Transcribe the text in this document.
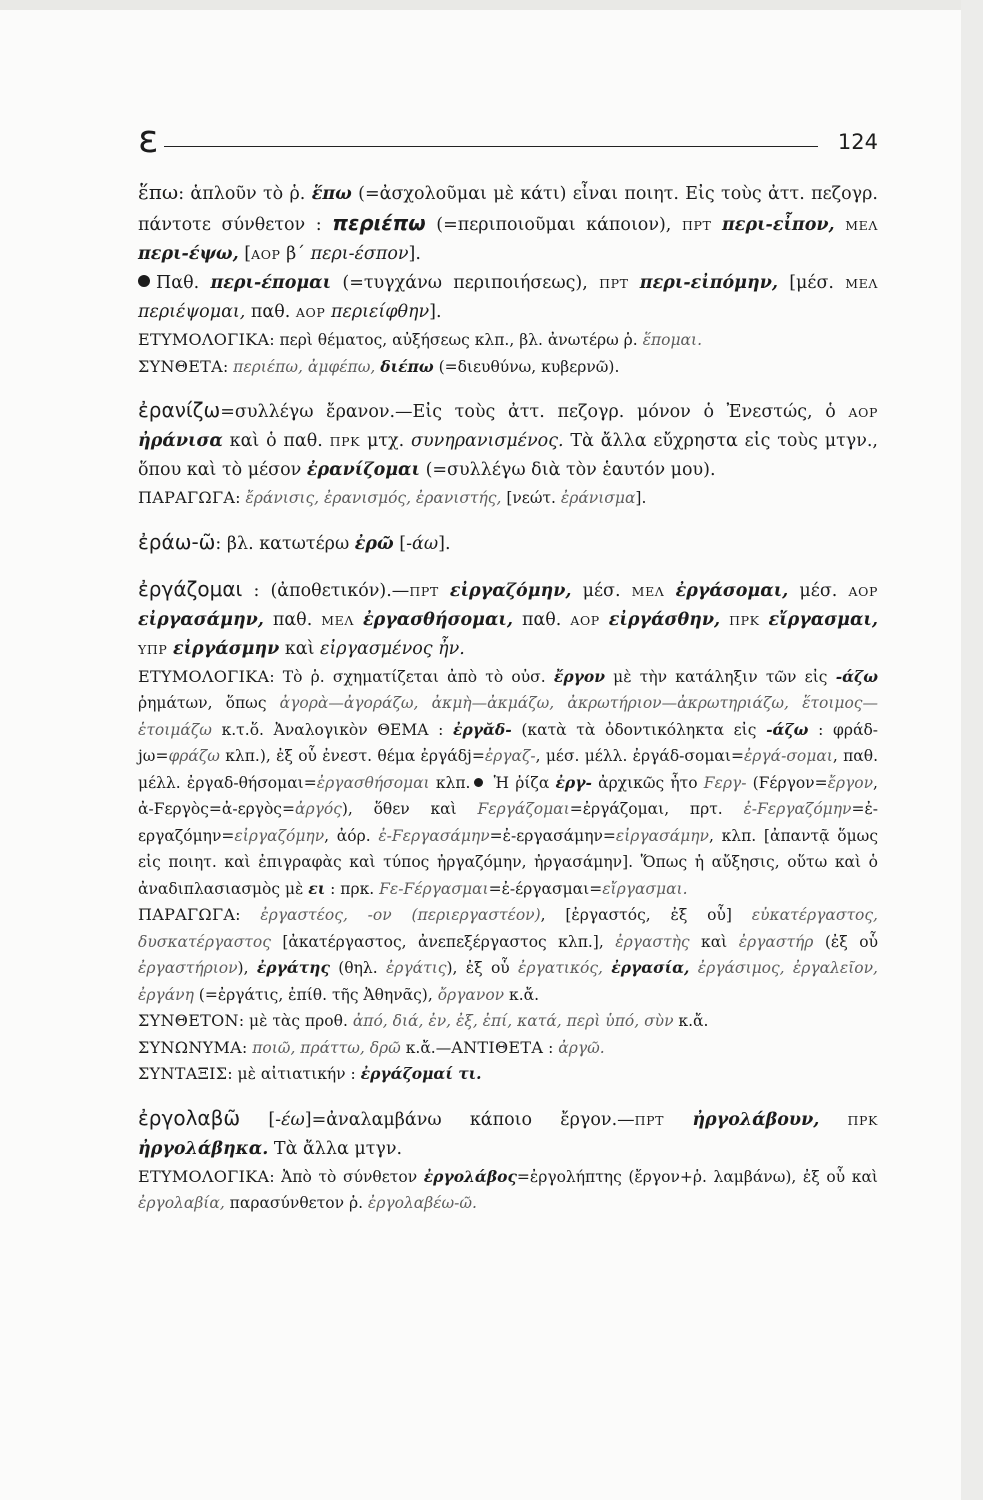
ε	124

ἕπω: ἁπλοῦν τὸ ῥ. ἕπω (=ἀσχολοῦμαι μὲ κάτι) εἶναι ποιητ. Εἰς τοὺς ἀττ. πεζογρ. πάντοτε σύνθετον : περιέπω (=περιποιοῦμαι κάποιον), ΠΡΤ περι-εἶπον, ΜΕΛ περι-έψω, [ΑΟΡ β΄ περι-έσπον].

Παθ. περι-έπομαι (=τυγχάνω περιποιήσεως), ΠΡΤ περι-εἰπόμην, [μέσ. ΜΕΛ περιέψομαι, παθ. ΑΟΡ περιείφθην].

ΕΤΥΜΟΛΟΓΙΚΑ: περὶ θέματος, αὐξήσεως κλπ., βλ. ἀνωτέρω ῥ. ἕπομαι.

ΣΥΝΘΕΤΑ: περιέπω, ἀμφέπω, διέπω (=διευθύνω, κυβερνῶ).

ἐρανίζω=συλλέγω ἔρανον.—Εἰς τοὺς ἀττ. πεζογρ. μόνον ὁ Ἐνεστώς, ὁ ΑΟΡ ἠράνισα καὶ ὁ παθ. ΠΡΚ μτχ. συνηρανισμένος. Τὰ ἄλλα εὔχρηστα εἰς τοὺς μτγν., ὅπου καὶ τὸ μέσον ἐρανίζομαι (=συλλέγω διὰ τὸν ἑαυτόν μου).

ΠΑΡΑΓΩΓΑ: ἔράνισις, ἐρανισμός, ἐρανιστής, [νεώτ. ἐράνισμα].

ἐράω-ῶ: βλ. κατωτέρω ἐρῶ [-άω].

ἐργάζομαι : (ἀποθετικόν).—ΠΡΤ εἰργαζόμην, μέσ. ΜΕΛ ἐργάσομαι, μέσ. ΑΟΡ εἰργασάμην, παθ. ΜΕΛ ἐργασθήσομαι, παθ. ΑΟΡ εἰργάσθην, ΠΡΚ εἴργασμαι, ΥΠΡ εἰργάσμην καὶ εἰργασμένος ἦν.

ΕΤΥΜΟΛΟΓΙΚΑ: Τὸ ῥ. σχηματίζεται ἀπὸ τὸ οὐσ. ἔργον μὲ τὴν κατάληξιν τῶν εἰς -άζω ῥημάτων, ὅπως ἀγορὰ—ἀγοράζω, ἀκμὴ—ἀκμάζω, ἀκρωτήριον—ἀκρωτηριάζω, ἕτοιμος—ἑτοιμάζω κ.τ.ὅ. Ἀναλογικὸν ΘΕΜΑ : ἐργᾰδ- (κατὰ τὰ ὀδοντικόληκτα εἰς -άζω : φράδ-jω=φράζω κλπ.), ἐξ οὗ ἐνεστ. θέμα ἐργάδj=ἐργαζ-, μέσ. μέλλ. ἐργάδ-σομαι=ἐργά-σομαι, παθ. μέλλ. ἐργαδ-θήσομαι=ἐργασθήσομαι κλπ. Ἡ ῥίζα ἐργ- ἀρχικῶς ἦτο Ϝεργ- (Ϝέργον=ἔργον, ἀ-Ϝεργὸς=ἀ-εργὸς=ἀργός), ὅθεν καὶ Ϝεργάζομαι=ἐργάζομαι, πρτ. ἐ-Ϝεργαζόμην=ἐ-εργαζόμην=εἰργαζόμην, ἀόρ. ἐ-Ϝεργασάμην=ἐ-εργασάμην=εἰργασάμην, κλπ. [ἀπαντᾷ ὅμως εἰς ποιητ. καὶ ἐπιγραφὰς καὶ τύπος ἠργαζόμην, ἠργασάμην]. Ὅπως ἡ αὔξησις, οὕτω καὶ ὁ ἀναδιπλασιασμὸς μὲ ει : πρκ. Ϝε-Ϝέργασμαι=ἐ-έργασμαι=εἴργασμαι.

ΠΑΡΑΓΩΓΑ: ἐργαστέος, -ον (περιεργαστέον), [ἐργαστός, ἐξ οὗ] εὐκατέργαστος, δυσκατέργαστος [ἀκατέργαστος, ἀνεπεξέργαστος κλπ.], ἐργαστὴς καὶ ἐργαστήρ (ἐξ οὗ ἐργαστήριον), ἐργάτης (θηλ. ἐργάτις), ἐξ οὗ ἐργατικός, ἐργασία, ἐργάσιμος, ἐργαλεῖον, ἐργάνη (=ἐργάτις, ἐπίθ. τῆς Ἀθηνᾶς), ὄργανον κ.ἄ.

ΣΥΝΘΕΤΟΝ: μὲ τὰς προθ. ἀπό, διά, ἐν, ἐξ, ἐπί, κατά, περὶ ὑπό, σὺν κ.ἄ.

ΣΥΝΩΝΥΜΑ: ποιῶ, πράττω, δρῶ κ.ἄ.—ΑΝΤΙΘΕΤΑ : ἀργῶ.

ΣΥΝΤΑΞΙΣ: μὲ αἰτιατικήν : ἐργάζομαί τι.

ἐργολαβῶ [-έω]=ἀναλαμβάνω κάποιο ἔργον.—ΠΡΤ ἠργολάβουν, ΠΡΚ ἠργολάβηκα. Τὰ ἄλλα μτγν.

ΕΤΥΜΟΛΟΓΙΚΑ: Ἀπὸ τὸ σύνθετον ἐργολάβος=ἐργολήπτης (ἔργον+ῥ. λαμβάνω), ἐξ οὗ καὶ ἐργολαβία, παρασύνθετον ῥ. ἐργολαβέω-ῶ.
